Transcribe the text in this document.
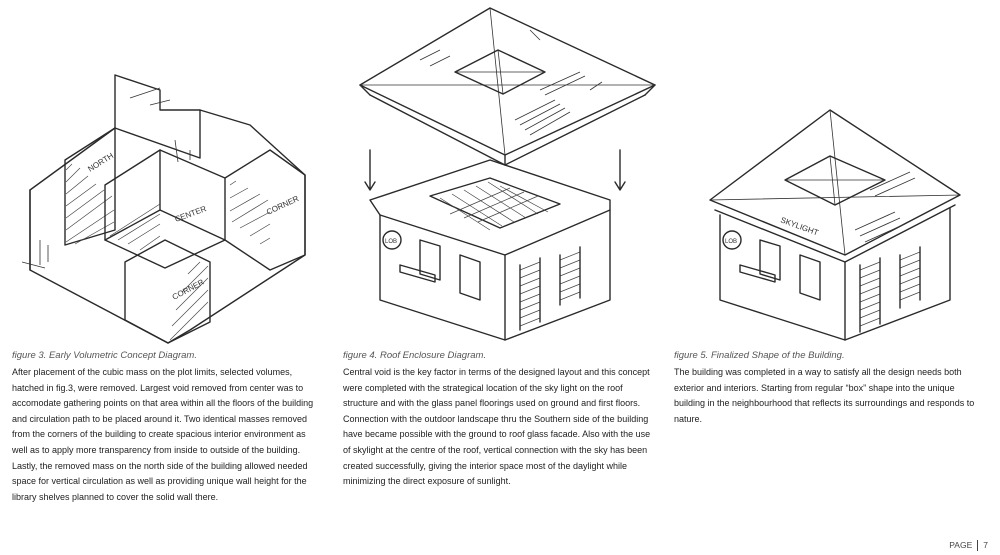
NORTH
CENTER	CORNER
CORNER
LOB	LOB
SKYLIGHT

figure 3. Early Volumetric Concept Diagram.

After placement of the cubic mass on the plot limits, selected volumes, hatched in fig.3, were removed. Largest void removed from center was to accomodate gathering points on that area within all the floors of the building and circulation path to be placed around it. Two identical masses removed from the corners of the building to create spacious interior environment as well as to apply more transparency from inside to outside of the building. Lastly, the removed mass on the north side of the building allowed needed space for vertical circulation as well as providing unique wall height for the library shelves planned to cover the solid wall there.

figure 4. Roof Enclosure Diagram.

Central void is the key factor in terms of the designed layout and this concept were completed with the strategical location of the sky light on the roof structure and with the glass panel floorings used on ground and first floors. Connection with the outdoor landscape thru the Southern side of the building have became possible with the ground to roof glass facade. Also with the use of skylight at the centre of the roof, vertical connection with the sky has been created successfully, giving the interior space most of the daylight while minimizing the direct exposure of sunlight.

figure 5. Finalized Shape of the Building.

The building was completed in a way to satisfy all the design needs both exterior and interiors. Starting from regular “box” shape into the unique building in the neighbourhood that reflects its surroundings and responds to nature.

PAGE 7
